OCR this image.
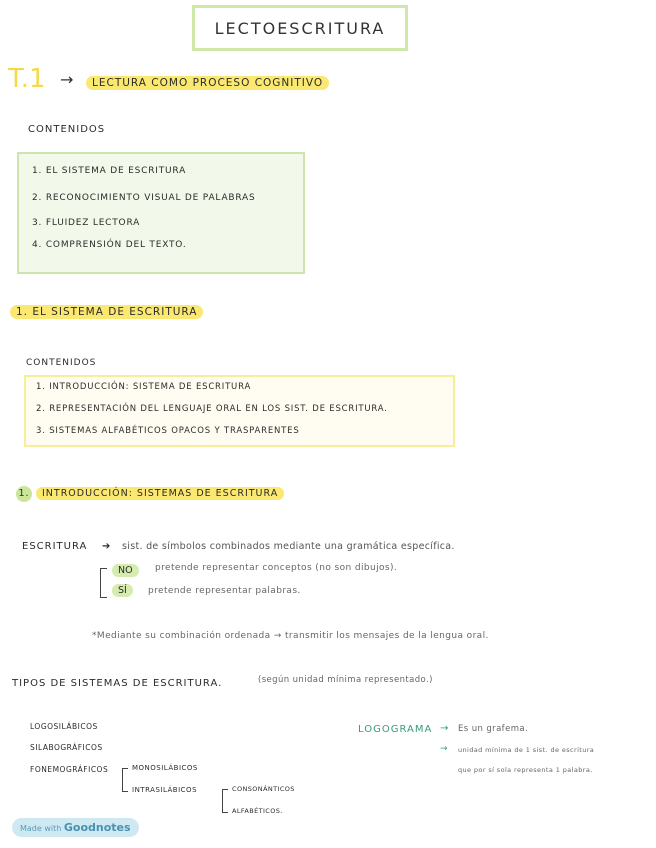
LECTOESCRITURA
T.1 →	LECTURA COMO PROCESO COGNITIVO
CONTENIDOS
1. EL SISTEMA DE ESCRITURA
2. RECONOCIMIENTO VISUAL DE PALABRAS
3. FLUIDEZ LECTORA
4. COMPRENSIÓN DEL TEXTO.
1. EL SISTEMA DE ESCRITURA
CONTENIDOS
1. INTRODUCCIÓN: SISTEMA DE ESCRITURA
2. REPRESENTACIÓN DEL LENGUAJE ORAL EN LOS SIST. DE ESCRITURA.
3. SISTEMAS ALFABÉTICOS OPACOS Y TRASPARENTES
1. INTRODUCCIÓN: SISTEMAS DE ESCRITURA
ESCRITURA ➔ sist. de símbolos combinados mediante una gramática específica.
NO	pretende representar conceptos (no son dibujos).
SÍ	pretende representar palabras.
*Mediante su combinación ordenada → transmitir los mensajes de la lengua oral.
TIPOS DE SISTEMAS DE ESCRITURA.	(según unidad mínima representado.)
LOGOSILÁBICOS
SILABOGRÁFICOS
FONEMOGRÁFICOS	MONOSILÁBICOS
INTRASILÁBICOS	CONSONÁNTICOS
ALFABÉTICOS.
LOGOGRAMA → Es un grafema.
→ unidad mínima de 1 sist. de escritura
que por sí sola representa 1 palabra.
Made with Goodnotes
